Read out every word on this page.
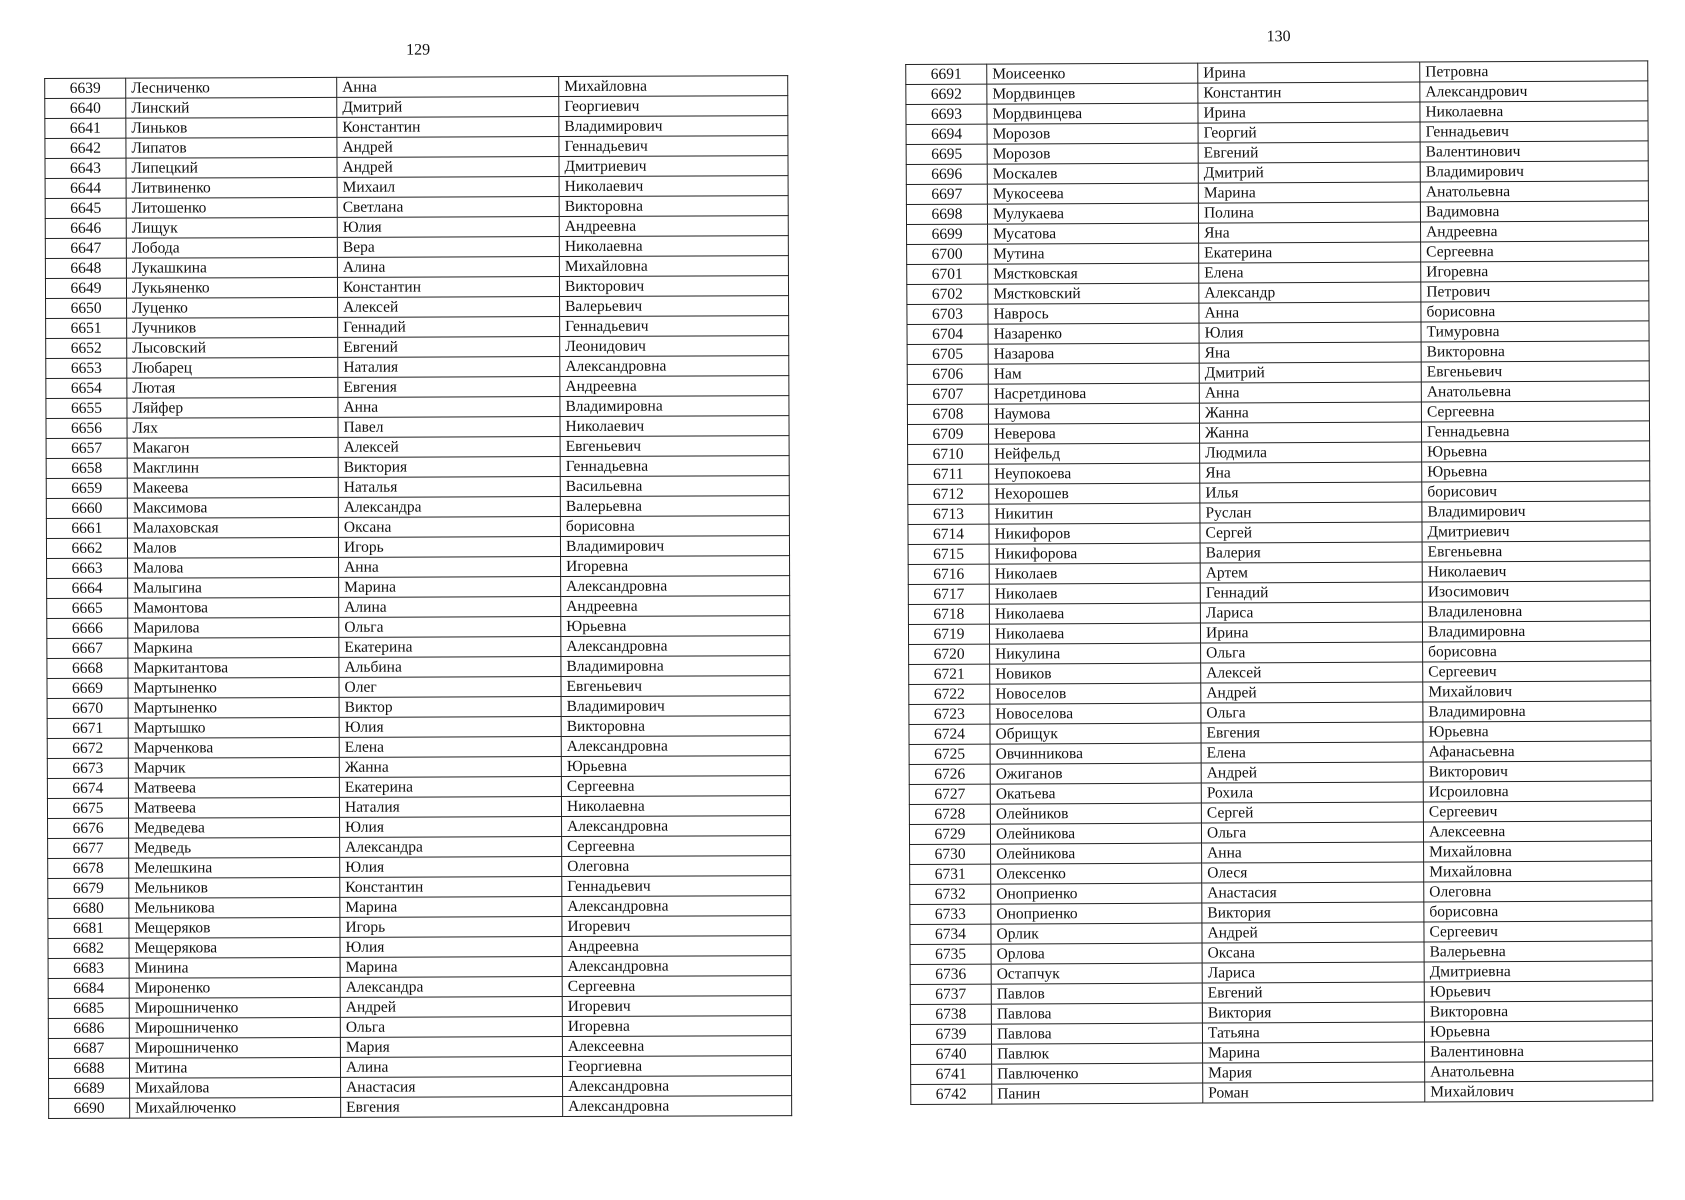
129
6639	Лесниченко	Анна	Михайловна
6640	Линский	Дмитрий	Георгиевич
6641	Линьков	Константин	Владимирович
6642	Липатов	Андрей	Геннадьевич
6643	Липецкий	Андрей	Дмитриевич
6644	Литвиненко	Михаил	Николаевич
6645	Литошенко	Светлана	Викторовна
6646	Лищук	Юлия	Андреевна
6647	Лобода	Вера	Николаевна
6648	Лукашкина	Алина	Михайловна
6649	Лукьяненко	Константин	Викторович
6650	Луценко	Алексей	Валерьевич
6651	Лучников	Геннадий	Геннадьевич
6652	Лысовский	Евгений	Леонидович
6653	Любарец	Наталия	Александровна
6654	Лютая	Евгения	Андреевна
6655	Ляйфер	Анна	Владимировна
6656	Лях	Павел	Николаевич
6657	Макагон	Алексей	Евгеньевич
6658	Макглинн	Виктория	Геннадьевна
6659	Макеева	Наталья	Васильевна
6660	Максимова	Александра	Валерьевна
6661	Малаховская	Оксана	борисовна
6662	Малов	Игорь	Владимирович
6663	Малова	Анна	Игоревна
6664	Малыгина	Марина	Александровна
6665	Мамонтова	Алина	Андреевна
6666	Марилова	Ольга	Юрьевна
6667	Маркина	Екатерина	Александровна
6668	Маркитантова	Альбина	Владимировна
6669	Мартыненко	Олег	Евгеньевич
6670	Мартыненко	Виктор	Владимирович
6671	Мартышко	Юлия	Викторовна
6672	Марченкова	Елена	Александровна
6673	Марчик	Жанна	Юрьевна
6674	Матвеева	Екатерина	Сергеевна
6675	Матвеева	Наталия	Николаевна
6676	Медведева	Юлия	Александровна
6677	Медведь	Александра	Сергеевна
6678	Мелешкина	Юлия	Олеговна
6679	Мельников	Константин	Геннадьевич
6680	Мельникова	Марина	Александровна
6681	Мещеряков	Игорь	Игоревич
6682	Мещерякова	Юлия	Андреевна
6683	Минина	Марина	Александровна
6684	Мироненко	Александра	Сергеевна
6685	Мирошниченко	Андрей	Игоревич
6686	Мирошниченко	Ольга	Игоревна
6687	Мирошниченко	Мария	Алексеевна
6688	Митина	Алина	Георгиевна
6689	Михайлова	Анастасия	Александровна
6690	Михайлюченко	Евгения	Александровна
130
6691	Моисеенко	Ирина	Петровна
6692	Мордвинцев	Константин	Александрович
6693	Мордвинцева	Ирина	Николаевна
6694	Морозов	Георгий	Геннадьевич
6695	Морозов	Евгений	Валентинович
6696	Москалев	Дмитрий	Владимирович
6697	Мукосеева	Марина	Анатольевна
6698	Мулукаева	Полина	Вадимовна
6699	Мусатова	Яна	Андреевна
6700	Мутина	Екатерина	Сергеевна
6701	Мястковская	Елена	Игоревна
6702	Мястковский	Александр	Петрович
6703	Наврось	Анна	борисовна
6704	Назаренко	Юлия	Тимуровна
6705	Назарова	Яна	Викторовна
6706	Нам	Дмитрий	Евгеньевич
6707	Насретдинова	Анна	Анатольевна
6708	Наумова	Жанна	Сергеевна
6709	Неверова	Жанна	Геннадьевна
6710	Нейфельд	Людмила	Юрьевна
6711	Неупокоева	Яна	Юрьевна
6712	Нехорошев	Илья	борисович
6713	Никитин	Руслан	Владимирович
6714	Никифоров	Сергей	Дмитриевич
6715	Никифорова	Валерия	Евгеньевна
6716	Николаев	Артем	Николаевич
6717	Николаев	Геннадий	Изосимович
6718	Николаева	Лариса	Владиленовна
6719	Николаева	Ирина	Владимировна
6720	Никулина	Ольга	борисовна
6721	Новиков	Алексей	Сергеевич
6722	Новоселов	Андрей	Михайлович
6723	Новоселова	Ольга	Владимировна
6724	Обрищук	Евгения	Юрьевна
6725	Овчинникова	Елена	Афанасьевна
6726	Ожиганов	Андрей	Викторович
6727	Окатьева	Рохила	Исроиловна
6728	Олейников	Сергей	Сергеевич
6729	Олейникова	Ольга	Алексеевна
6730	Олейникова	Анна	Михайловна
6731	Олексенко	Олеся	Михайловна
6732	Оноприенко	Анастасия	Олеговна
6733	Оноприенко	Виктория	борисовна
6734	Орлик	Андрей	Сергеевич
6735	Орлова	Оксана	Валерьевна
6736	Остапчук	Лариса	Дмитриевна
6737	Павлов	Евгений	Юрьевич
6738	Павлова	Виктория	Викторовна
6739	Павлова	Татьяна	Юрьевна
6740	Павлюк	Марина	Валентиновна
6741	Павлюченко	Мария	Анатольевна
6742	Панин	Роман	Михайлович
